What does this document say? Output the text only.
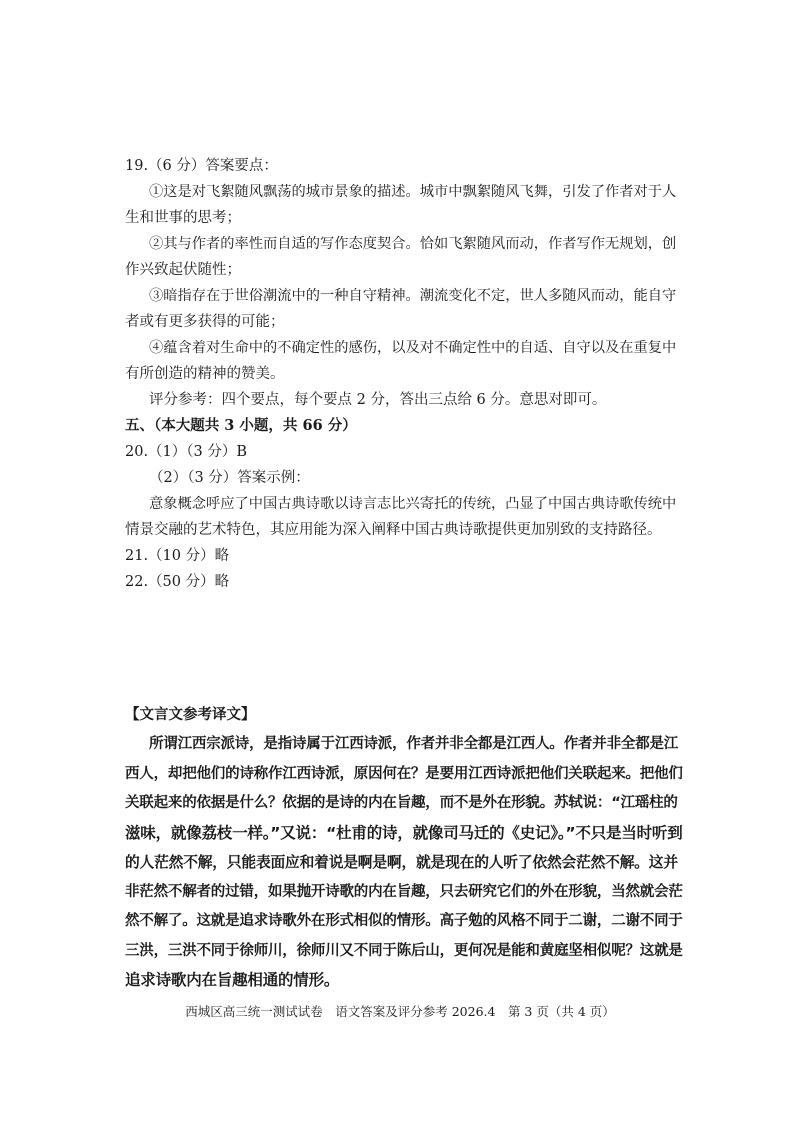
19.（6 分）答案要点：
①这是对飞絮随风飘荡的城市景象的描述。城市中飘絮随风飞舞，引发了作者对于人
生和世事的思考；
②其与作者的率性而自适的写作态度契合。恰如飞絮随风而动，作者写作无规划，创
作兴致起伏随性；
③暗指存在于世俗潮流中的一种自守精神。潮流变化不定，世人多随风而动，能自守
者或有更多获得的可能；
④蕴含着对生命中的不确定性的感伤，以及对不确定性中的自适、自守以及在重复中
有所创造的精神的赞美。
评分参考：四个要点，每个要点 2 分，答出三点给 6 分。意思对即可。
五、（本大题共 3 小题，共 66 分）
20.（1）（3 分）B
（2）（3 分）答案示例：
意象概念呼应了中国古典诗歌以诗言志比兴寄托的传统，凸显了中国古典诗歌传统中
情景交融的艺术特色，其应用能为深入阐释中国古典诗歌提供更加别致的支持路径。
21.（10 分）略
22.（50 分）略
【文言文参考译文】
所谓江西宗派诗，是指诗属于江西诗派，作者并非全都是江西人。作者并非全都是江
西人，却把他们的诗称作江西诗派，原因何在？是要用江西诗派把他们关联起来。把他们
关联起来的依据是什么？依据的是诗的内在旨趣，而不是外在形貌。苏轼说：“江瑶柱的
滋味，就像荔枝一样。”又说：“杜甫的诗，就像司马迁的《史记》。”不只是当时听到
的人茫然不解，只能表面应和着说是啊是啊，就是现在的人听了依然会茫然不解。这并
非茫然不解者的过错，如果抛开诗歌的内在旨趣，只去研究它们的外在形貌，当然就会茫
然不解了。这就是追求诗歌外在形式相似的情形。高子勉的风格不同于二谢，二谢不同于
三洪，三洪不同于徐师川，徐师川又不同于陈后山，更何况是能和黄庭坚相似呢？这就是
追求诗歌内在旨趣相通的情形。
西城区高三统一测试试卷　语文答案及评分参考 2026.4　第 3 页（共 4 页）
